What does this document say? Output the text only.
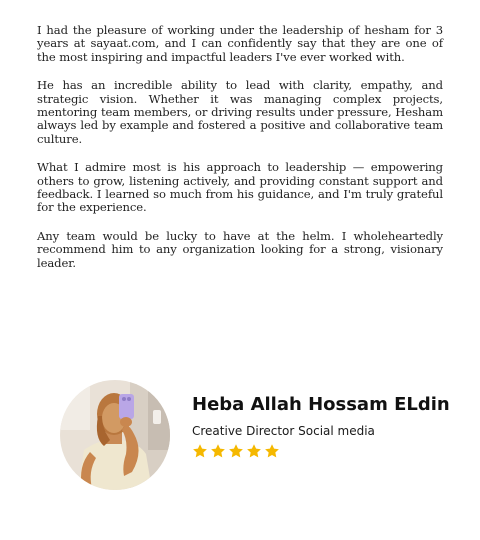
I had the pleasure of working under the leadership of hesham for 3 years at sayaat.com, and I can confidently say that they are one of the most inspiring and impactful leaders I've ever worked with.

He has an incredible ability to lead with clarity, empathy, and strategic vision. Whether it was managing complex projects, mentoring team members, or driving results under pressure, Hesham always led by example and fostered a positive and collaborative team culture.

What I admire most is his approach to leadership — empowering others to grow, listening actively, and providing constant support and feedback. I learned so much from his guidance, and I'm truly grateful for the experience.

Any team would be lucky to have at the helm. I wholeheartedly recommend him to any organization looking for a strong, visionary leader.

Heba Allah Hossam ELdin

Creative Director Social media
